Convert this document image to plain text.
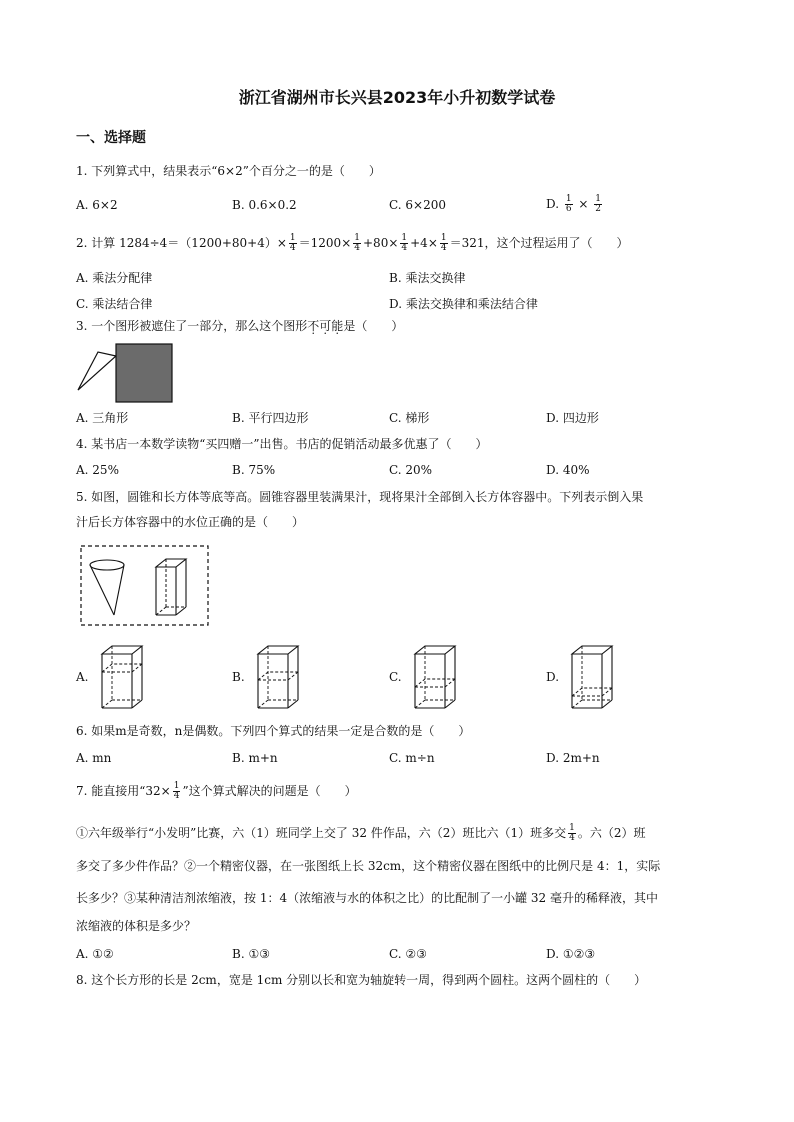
浙江省湖州市长兴县2023年小升初数学试卷
一、选择题
1. 下列算式中，结果表示“6×2”个百分之一的是（　　）
A. 6×2	B. 0.6×0.2	C. 6×200	D. $\frac{1}{6} \times \frac{1}{2}$
2. 计算 $1284\div 4=(1200+80+4)\times \frac{1}{4} =1200\times \frac{1}{4} +80\times \frac{1}{4} +4\times \frac{1}{4} =321$，这个过程运用了（　　）
A. 乘法分配律	B. 乘法交换律
C. 乘法结合律	D. 乘法交换律和乘法结合律
3. 一个图形被遮住了一部分，那么这个图形不可能是（　　）
A. 三角形	B. 平行四边形	C. 梯形	D. 四边形
4. 某书店一本数学读物“买四赠一”出售。书店的促销活动最多优惠了（　　）
A. 25%	B. 75%	C. 20%	D. 40%
5. 如图，圆锥和长方体等底等高。圆锥容器里装满果汁，现将果汁全部倒入长方体容器中。下列表示倒入果
汁后长方体容器中的水位正确的是（　　）
A.	B.	C.	D.
6. 如果m是奇数，n是偶数。下列四个算式的结果一定是合数的是（　　）
A. mn	B. m+n	C. m÷n	D. 2m+n
7. 能直接用“$32\times \frac{1}{4}$ ”这个算式解决的问题是（　　）
①六年级举行“小发明”比赛，六（1）班同学上交了 32 件作品，六（2）班比六（1）班多交 $\frac{1}{4}$ 。六（2）班
多交了多少件作品？②一个精密仪器，在一张图纸上长 32cm，这个精密仪器在图纸中的比例尺是 4：1，实际
长多少？③某种清洁剂浓缩液，按 1：4（浓缩液与水的体积之比）的比配制了一小罐 32 毫升的稀释液，其中
浓缩液的体积是多少？
A. ①②	B. ①③	C. ②③	D. ①②③
8. 这个长方形的长是 2cm，宽是 1cm 分别以长和宽为轴旋转一周，得到两个圆柱。这两个圆柱的（　　）
